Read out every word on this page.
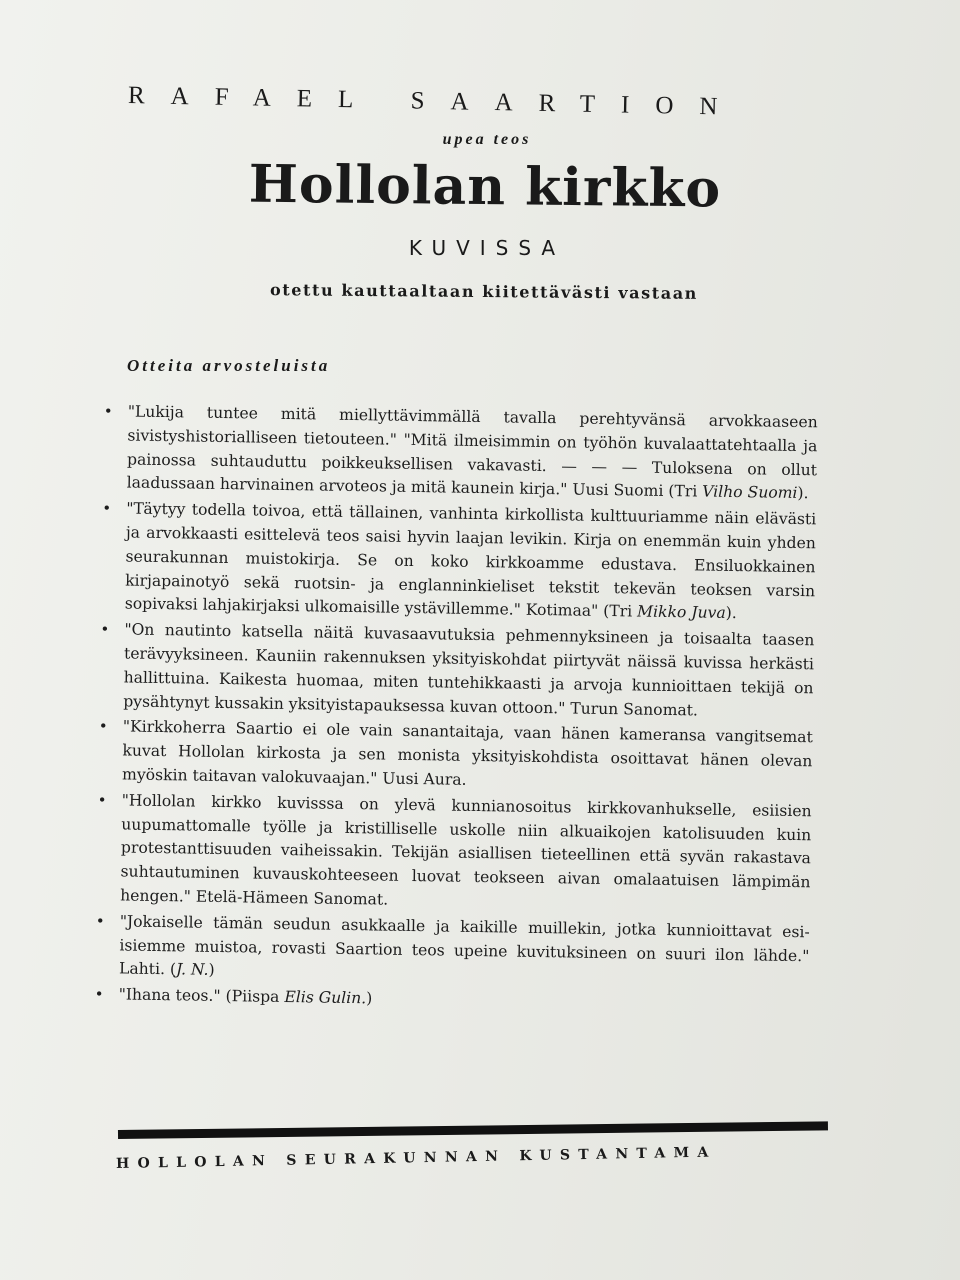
RAFAEL SAARTION
upea teos
Hollolan kirkko
KUVISSA
otettu kauttaaltaan kiitettävästi vastaan
Otteita arvosteluista
• "Lukija tuntee mitä miellyttävimmällä tavalla perehtyvänsä arvokkaaseen sivistyshistorialliseen tietouteen." "Mitä ilmeisimmin on työhön kuvalaattatehtaalla ja painossa suhtauduttu poikkeuksellisen vakavasti. — — — Tuloksena on ollut laadussaan harvinainen arvoteos ja mitä kaunein kirja." Uusi Suomi (Tri Vilho Suomi).
• "Täytyy todella toivoa, että tällainen, vanhinta kirkollista kulttuuriamme näin elävästi ja arvokkaasti esittelevä teos saisi hyvin laajan levikin. Kirja on enemmän kuin yhden seurakunnan muistokirja. Se on koko kirkkoamme edustava. Ensiluokkainen kirjapainotyö sekä ruotsin- ja englanninkieliset tekstit tekevän teoksen varsin sopivaksi lahjakirjaksi ulkomaisille ystävillemme." Kotimaa" (Tri Mikko Juva).
• "On nautinto katsella näitä kuvasaavutuksia pehmennyksineen ja toisaalta taasen terävyyksineen. Kauniin rakennuksen yksityiskohdat piirtyvät näissä kuvissa herkästi hallittuina. Kaikesta huomaa, miten tuntehikkaasti ja arvoja kunnioittaen tekijä on pysähtynyt kussakin yksityistapauksessa kuvan ottoon." Turun Sanomat.
• "Kirkkoherra Saartio ei ole vain sanantaitaja, vaan hänen kameransa vangitsemat kuvat Hollolan kirkosta ja sen monista yksityiskohdista osoittavat hänen olevan myöskin taitavan valokuvaajan." Uusi Aura.
• "Hollolan kirkko kuvisssa on ylevä kunnianosoitus kirkkovanhukselle, esiisien uupumattomalle työlle ja kristilliselle uskolle niin alkuaikojen katolisuuden kuin protestanttisuuden vaiheissakin. Tekijän asiallisen tieteellinen että syvän rakastava suhtautuminen kuvauskohteeseen luovat teokseen aivan omalaatuisen lämpimän hengen." Etelä-Hämeen Sanomat.
• "Jokaiselle tämän seudun asukkaalle ja kaikille muillekin, jotka kunnioittavat esi-isiemme muistoa, rovasti Saartion teos upeine kuvituksineen on suuri ilon lähde." Lahti. (J. N.)
• "Ihana teos." (Piispa Elis Gulin.)
HOLLOLAN SEURAKUNNAN KUSTANTAMA
